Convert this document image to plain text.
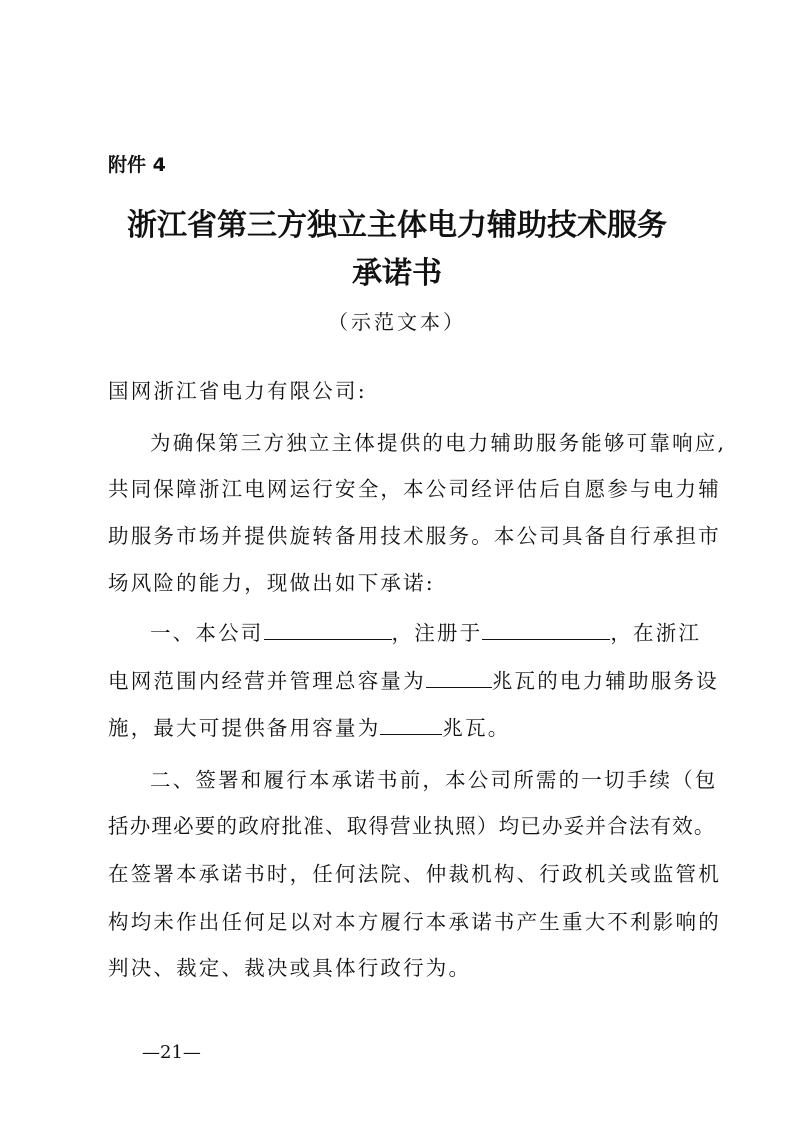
附件 4
浙江省第三方独立主体电力辅助技术服务
承诺书
（示范文本）
国网浙江省电力有限公司:
为确保第三方独立主体提供的电力辅助服务能够可靠响应,
共同保障浙江电网运行安全，本公司经评估后自愿参与电力辅
助服务市场并提供旋转备用技术服务。本公司具备自行承担市
场风险的能力，现做出如下承诺:
一、本公司	，注册于	，在浙江
电网范围内经营并管理总容量为	兆瓦的电力辅助服务设
施，最大可提供备用容量为	兆瓦。
二、签署和履行本承诺书前，本公司所需的一切手续（包
括办理必要的政府批准、取得营业执照）均已办妥并合法有效。
在签署本承诺书时，任何法院、仲裁机构、行政机关或监管机
构均未作出任何足以对本方履行本承诺书产生重大不利影响的
判决、裁定、裁决或具体行政行为。
—21—
